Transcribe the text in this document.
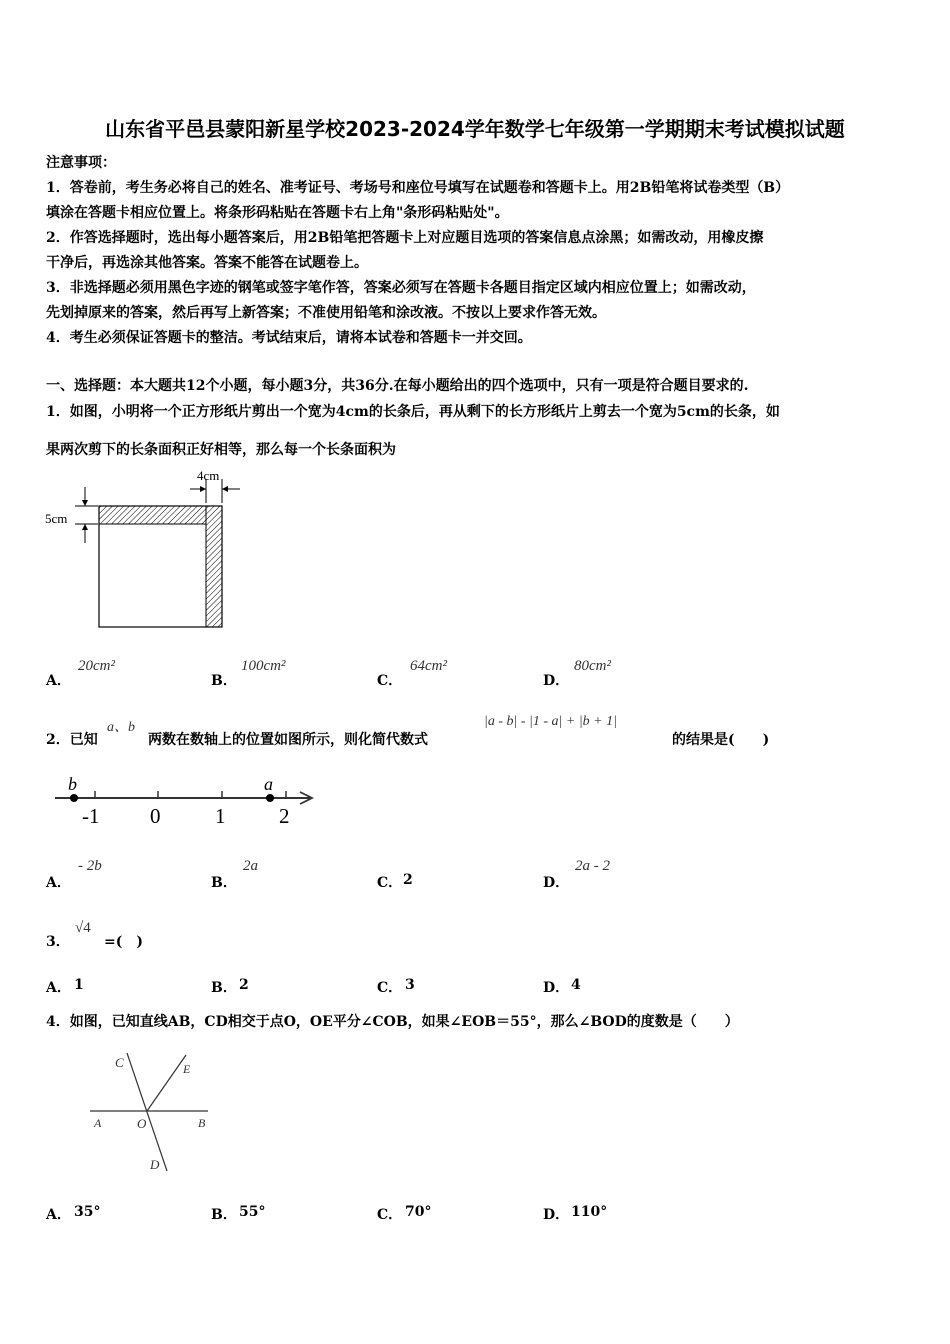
山东省平邑县蒙阳新星学校2023-2024学年数学七年级第一学期期末考试模拟试题
注意事项：
1．答卷前，考生务必将自己的姓名、准考证号、考场号和座位号填写在试题卷和答题卡上。用2B铅笔将试卷类型（B）
填涂在答题卡相应位置上。将条形码粘贴在答题卡右上角"条形码粘贴处"。
2．作答选择题时，选出每小题答案后，用2B铅笔把答题卡上对应题目选项的答案信息点涂黑；如需改动，用橡皮擦
干净后，再选涂其他答案。答案不能答在试题卷上。
3．非选择题必须用黑色字迹的钢笔或签字笔作答，答案必须写在答题卡各题目指定区域内相应位置上；如需改动，
先划掉原来的答案，然后再写上新答案；不准使用铅笔和涂改液。不按以上要求作答无效。
4．考生必须保证答题卡的整洁。考试结束后，请将本试卷和答题卡一并交回。
一、选择题：本大题共12个小题，每小题3分，共36分.在每小题给出的四个选项中，只有一项是符合题目要求的.
1．如图，小明将一个正方形纸片剪出一个宽为4cm的长条后，再从剩下的长方形纸片上剪去一个宽为5cm的长条，如
果两次剪下的长条面积正好相等，那么每一个长条面积为
4cm
5cm
A．
20cm²
B．
100cm²
C．
64cm²
D．
80cm²
2．已知
a、b
两数在数轴上的位置如图所示，则化简代数式
|a - b| - |1 - a| + |b + 1|
的结果是(　　)
b	a
-1 0	1	2
A．
- 2b
B．
2a
C． 2	D．
2a - 2
3．
√4
=(　)
A． 1	B． 2	C． 3	D． 4
4．如图，已知直线AB，CD相交于点O，OE平分∠COB，如果∠EOB＝55°，那么∠BOD的度数是（　　）
C	E
A	O	B
D
A． 35°	B． 55°	C． 70°	D． 110°
